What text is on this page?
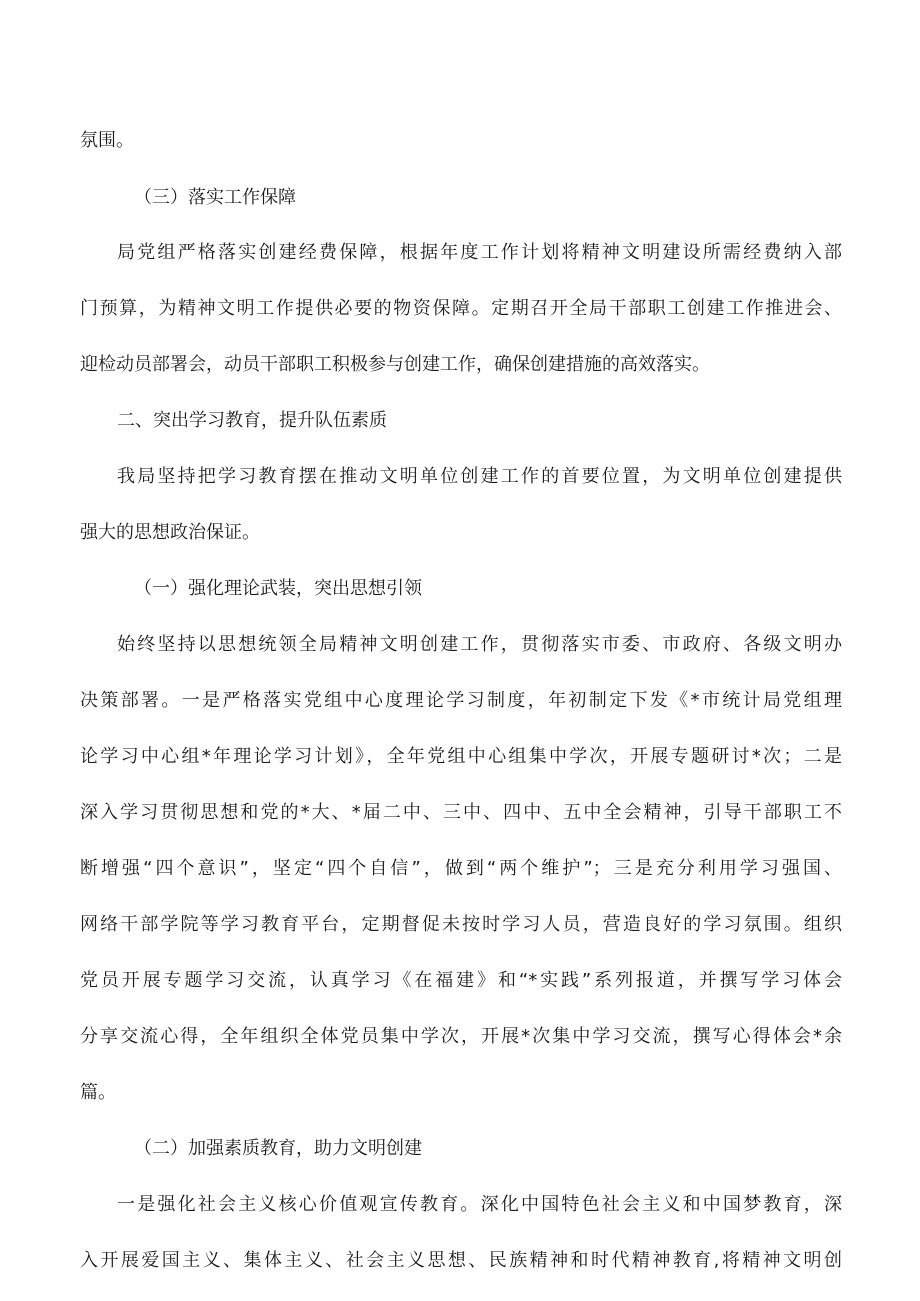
氛围。
（三）落实工作保障
局党组严格落实创建经费保障，根据年度工作计划将精神文明建设所需经费纳入部
门预算，为精神文明工作提供必要的物资保障。定期召开全局干部职工创建工作推进会、
迎检动员部署会，动员干部职工积极参与创建工作，确保创建措施的高效落实。
二、突出学习教育，提升队伍素质
我局坚持把学习教育摆在推动文明单位创建工作的首要位置，为文明单位创建提供
强大的思想政治保证。
（一）强化理论武装，突出思想引领
始终坚持以思想统领全局精神文明创建工作，贯彻落实市委、市政府、各级文明办
决策部署。一是严格落实党组中心度理论学习制度，年初制定下发《*市统计局党组理
论学习中心组*年理论学习计划》，全年党组中心组集中学次，开展专题研讨*次；二是
深入学习贯彻思想和党的*大、*届二中、三中、四中、五中全会精神，引导干部职工不
断增强“四个意识”，坚定“四个自信”，做到“两个维护”；三是充分利用学习强国、
网络干部学院等学习教育平台，定期督促未按时学习人员，营造良好的学习氛围。组织
党员开展专题学习交流，认真学习《在福建》和“*实践”系列报道，并撰写学习体会
分享交流心得，全年组织全体党员集中学次，开展*次集中学习交流，撰写心得体会*余
篇。
（二）加强素质教育，助力文明创建
一是强化社会主义核心价值观宣传教育。深化中国特色社会主义和中国梦教育，深
入开展爱国主义、集体主义、社会主义思想、民族精神和时代精神教育,将精神文明创
